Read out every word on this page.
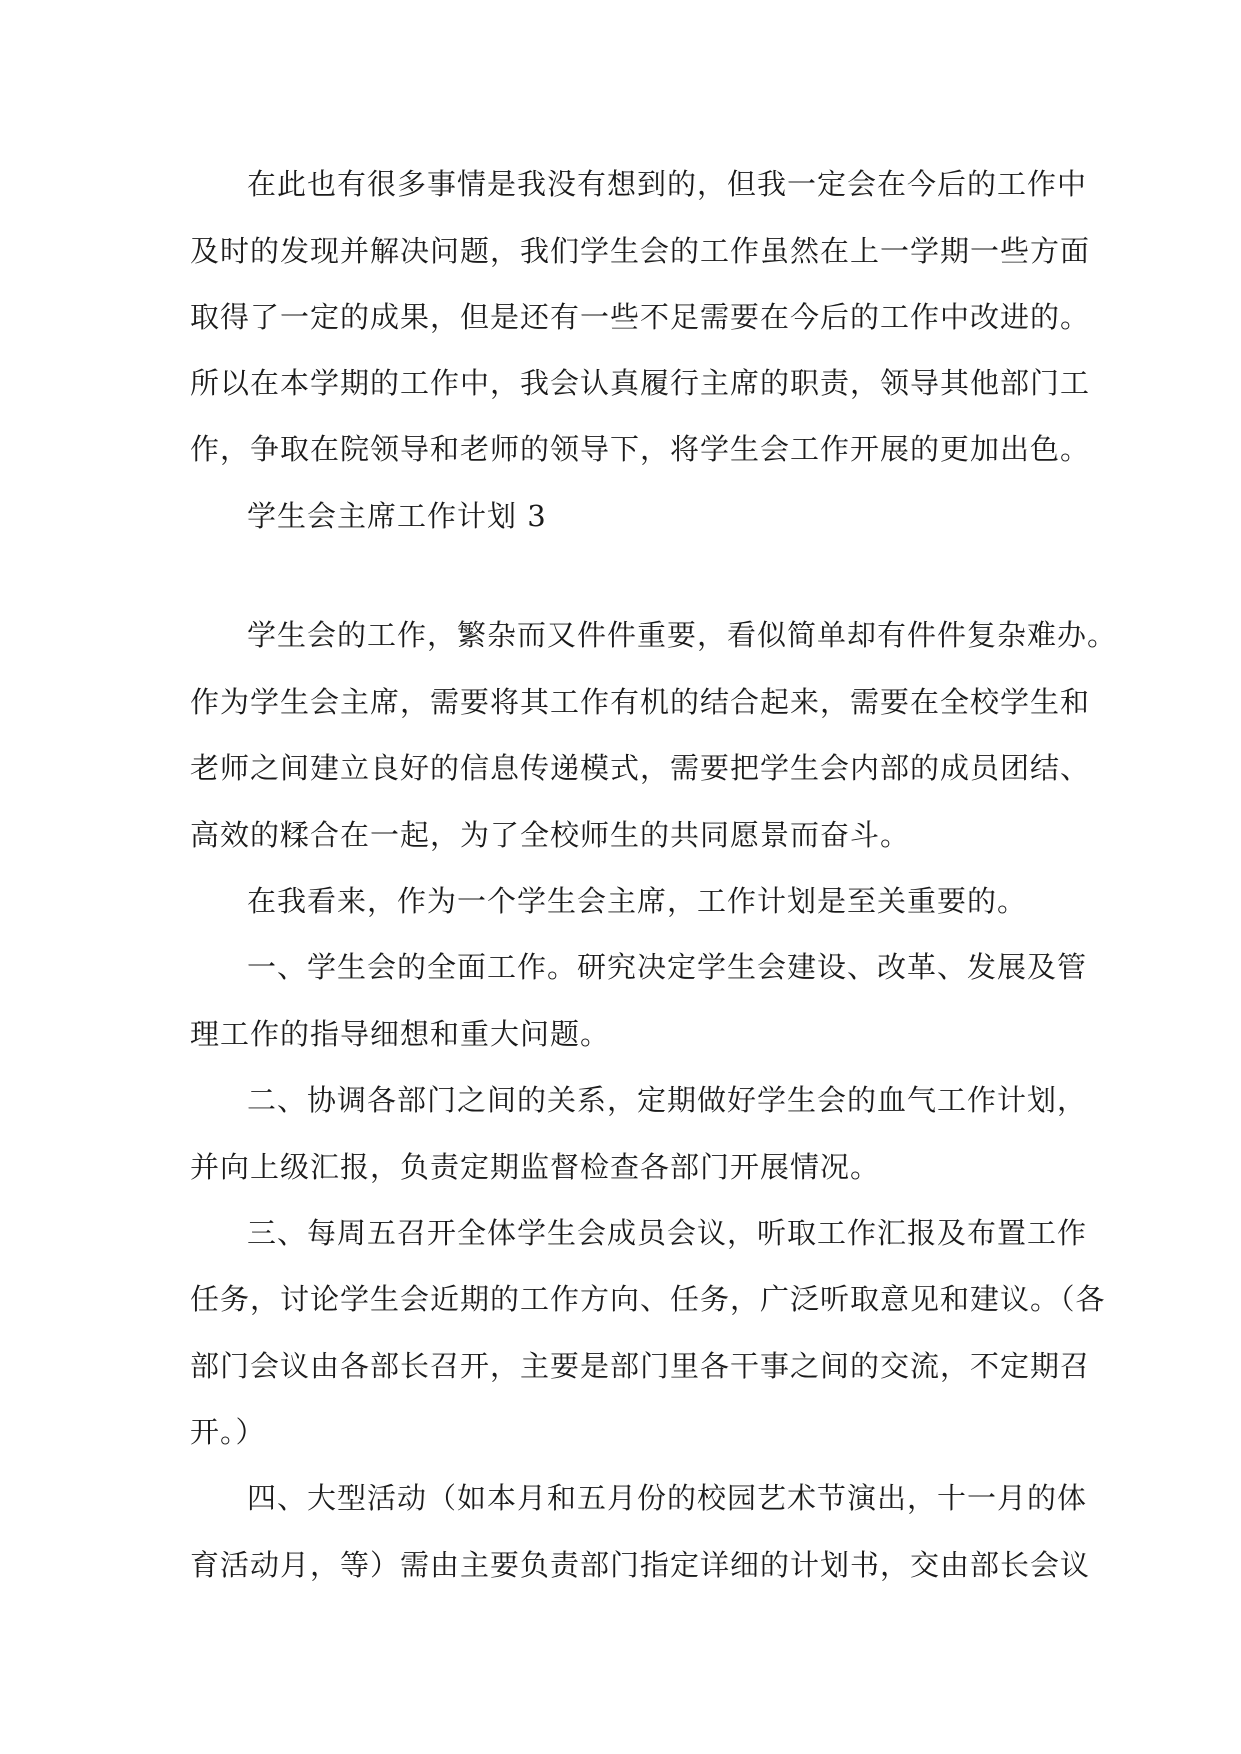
在此也有很多事情是我没有想到的，但我一定会在今后的工作中
及时的发现并解决问题，我们学生会的工作虽然在上一学期一些方面
取得了一定的成果，但是还有一些不足需要在今后的工作中改进的。
所以在本学期的工作中，我会认真履行主席的职责，领导其他部门工
作，争取在院领导和老师的领导下，将学生会工作开展的更加出色。
学生会主席工作计划 3
学生会的工作，繁杂而又件件重要，看似简单却有件件复杂难办。
作为学生会主席，需要将其工作有机的结合起来，需要在全校学生和
老师之间建立良好的信息传递模式，需要把学生会内部的成员团结、
高效的糅合在一起，为了全校师生的共同愿景而奋斗。
在我看来，作为一个学生会主席，工作计划是至关重要的。
一、学生会的全面工作。研究决定学生会建设、改革、发展及管
理工作的指导细想和重大问题。
二、协调各部门之间的关系，定期做好学生会的血气工作计划，
并向上级汇报，负责定期监督检查各部门开展情况。
三、每周五召开全体学生会成员会议，听取工作汇报及布置工作
任务，讨论学生会近期的工作方向、任务，广泛听取意见和建议。（各
部门会议由各部长召开，主要是部门里各干事之间的交流，不定期召
开。）
四、大型活动（如本月和五月份的校园艺术节演出，十一月的体
育活动月，等）需由主要负责部门指定详细的计划书，交由部长会议
